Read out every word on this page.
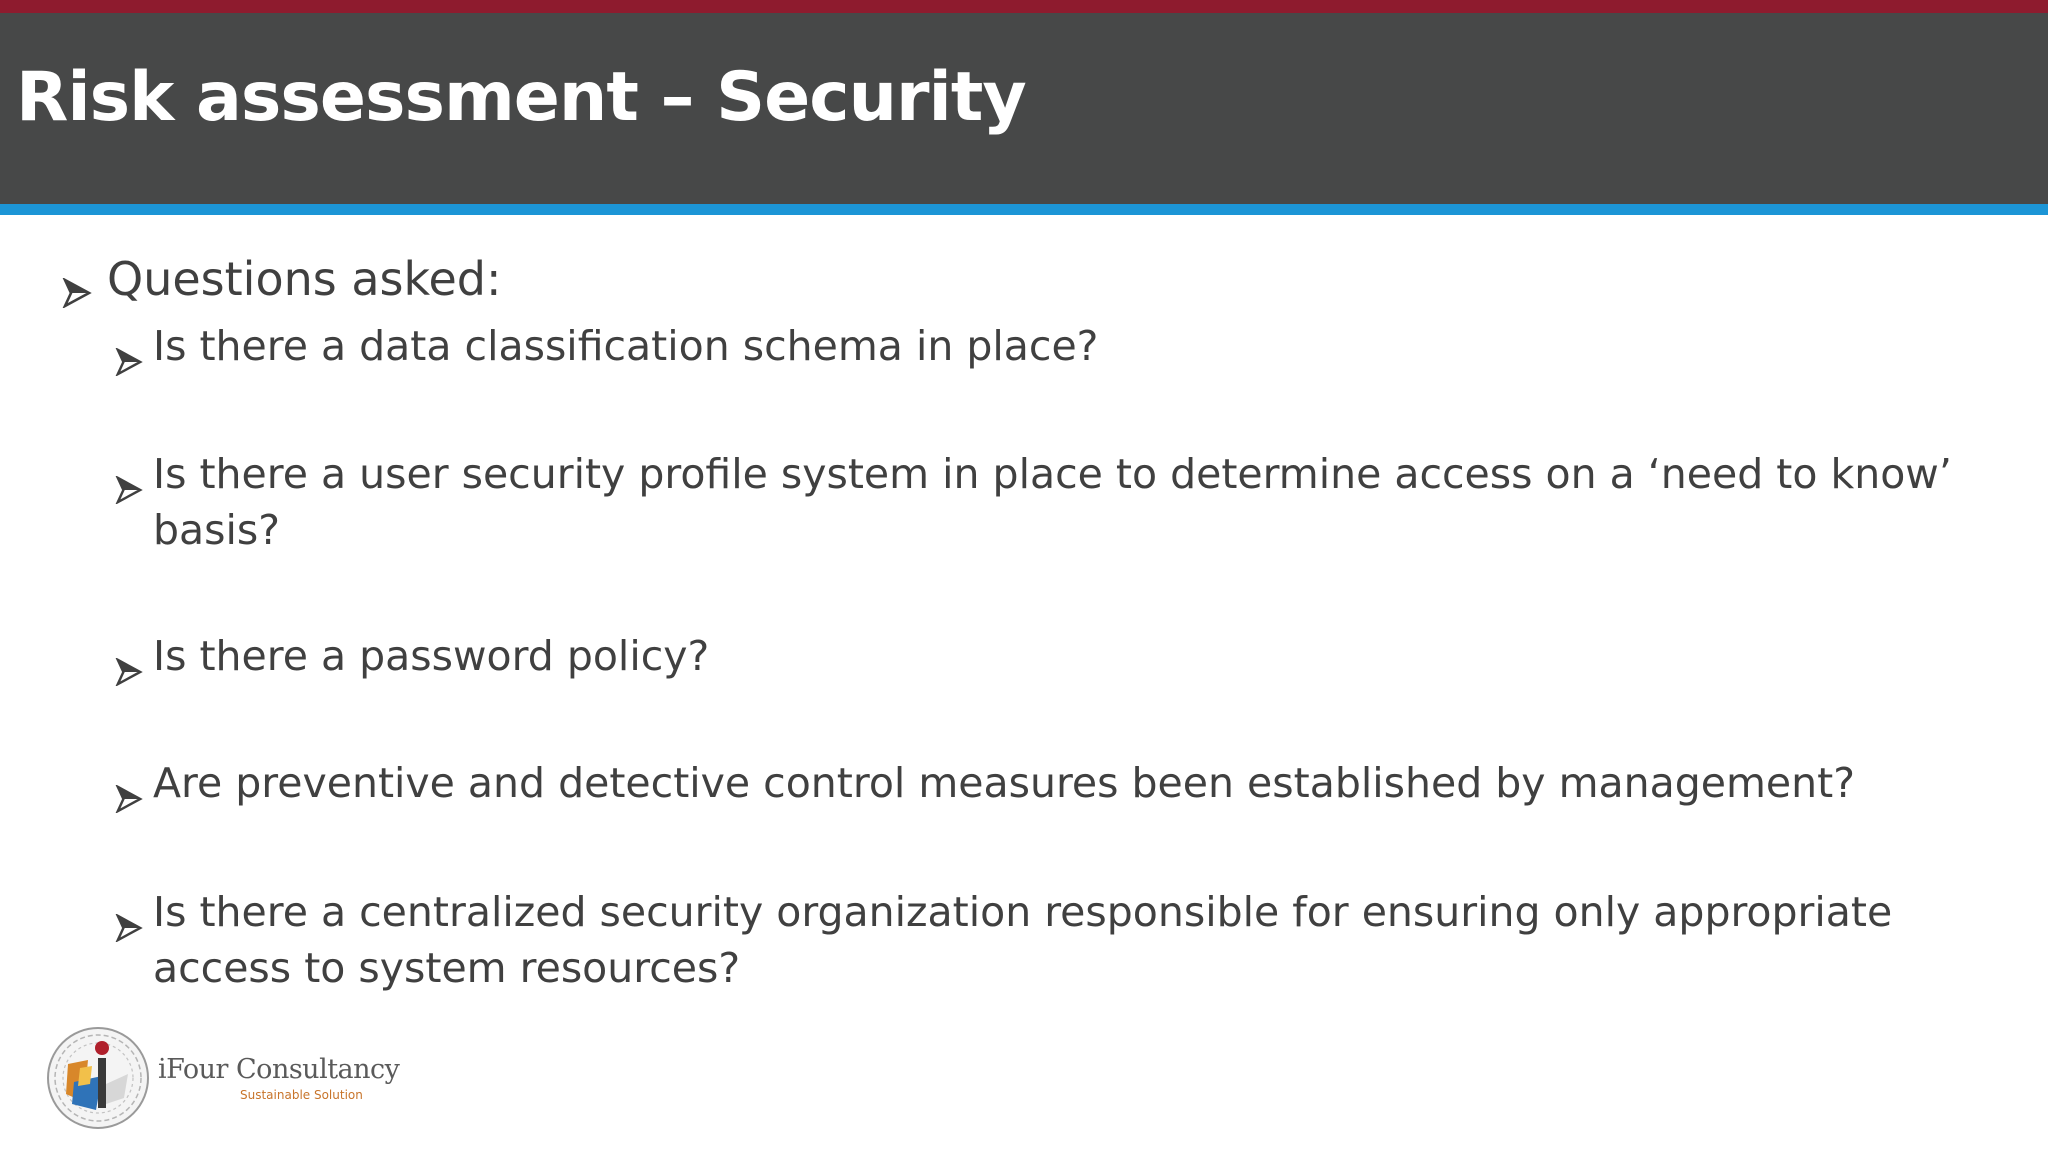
Risk assessment – Security
Questions asked:
Is there a data classification schema in place?
Is there a user security profile system in place to determine access on a ‘need to know’ basis?
Is there a password policy?
Are preventive and detective control measures been established by management?
Is there a centralized security organization responsible for ensuring only appropriate access to system resources?
iFour Consultancy
Sustainable Solution
